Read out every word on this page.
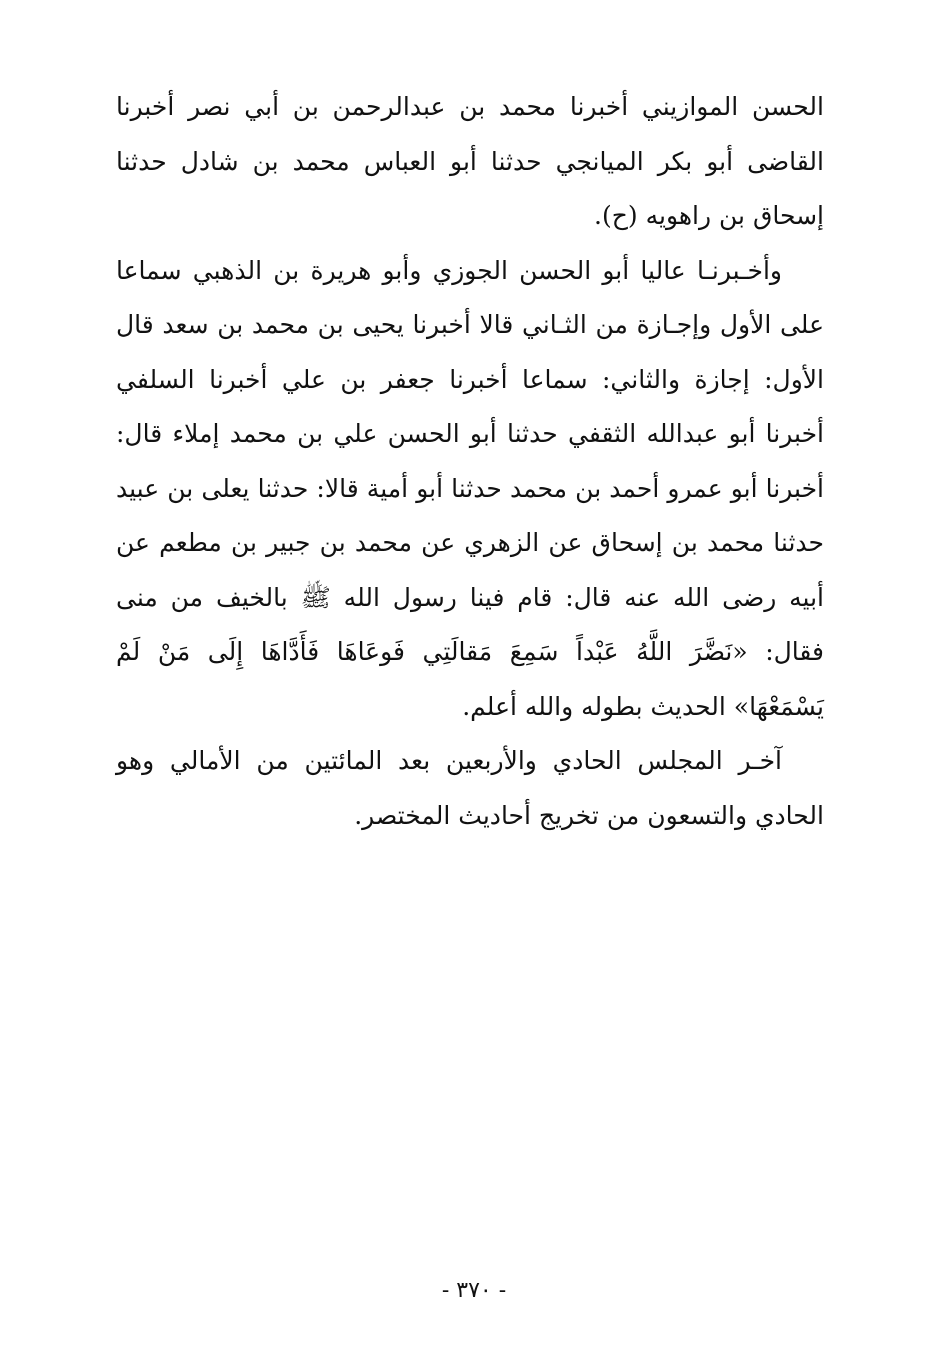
الحسن الموازيني أخبرنا محمد بن عبدالرحمن بن أبي نصر أخبرنا القاضى أبو بكر الميانجي حدثنا أبو العباس محمد بن شادل حدثنا إسحاق بن راهويه (ح).

وأخـبرنـا عاليا أبو الحسن الجوزي وأبو هريرة بن الذهبي سماعا على الأول وإجـازة من الثـاني قالا أخبرنا يحيى بن محمد بن سعد قال الأول: إجازة والثاني: سماعا أخبرنا جعفر بن علي أخبرنا السلفي أخبرنا أبو عبدالله الثقفي حدثنا أبو الحسن علي بن محمد إملاء قال: أخبرنا أبو عمرو أحمد بن محمد حدثنا أبو أمية قالا: حدثنا يعلى بن عبيد حدثنا محمد بن إسحاق عن الزهري عن محمد بن جبير بن مطعم عن أبيه رضى الله عنه قال: قام فينا رسول الله ﷺ بالخيف من منى فقال: «نَضَّرَ اللَّهُ عَبْداً سَمِعَ مَقالَتِي فَوعَاهَا فَأَدَّاهَا إِلَى مَنْ لَمْ يَسْمَعْهَا» الحديث بطوله والله أعلم.

آخـر المجلس الحادي والأربعين بعد المائتين من الأمالي وهو الحادي والتسعون من تخريج أحاديث المختصر.

- ٣٧٠ -
